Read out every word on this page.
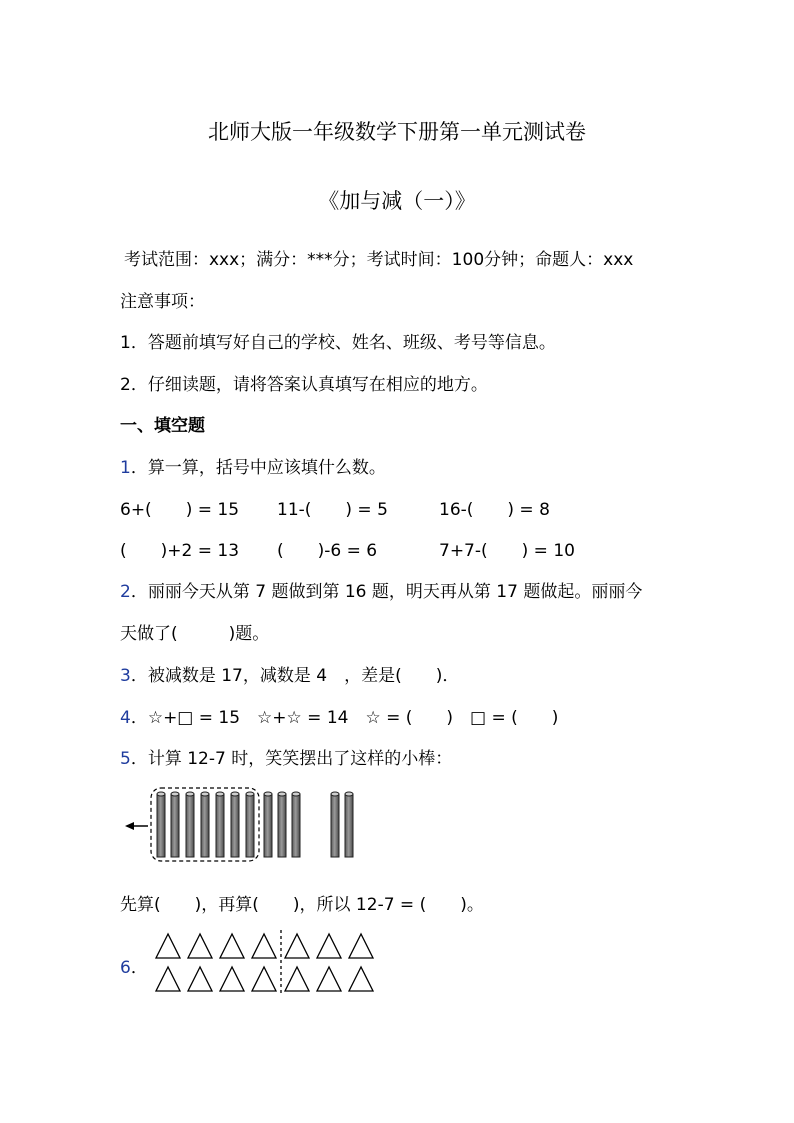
北师大版一年级数学下册第一单元测试卷
《加与减（一）》
考试范围：xxx；满分：***分；考试时间：100分钟；命题人：xxx
注意事项：
1．答题前填写好自己的学校、姓名、班级、考号等信息。
2．仔细读题，请将答案认真填写在相应的地方。
一、填空题
1．算一算，括号中应该填什么数。
6+(　　) = 15 11-(　　) = 5	16-(　　) = 8
(　　)+2 = 13 (　　)-6 = 6	7+7-(　　) = 10
2．丽丽今天从第 7 题做到第 16 题，明天再从第 17 题做起。丽丽今
天做了(　　　)题。
3．被减数是 17，减数是 4　，差是(　　)．
4．☆+□ = 15　☆+☆ = 14　☆ = (　　)　□ = (　　)
5．计算 12-7 时，笑笑摆出了这样的小棒：
先算(　　)，再算(　　)，所以 12-7 = (　　)。
6．
